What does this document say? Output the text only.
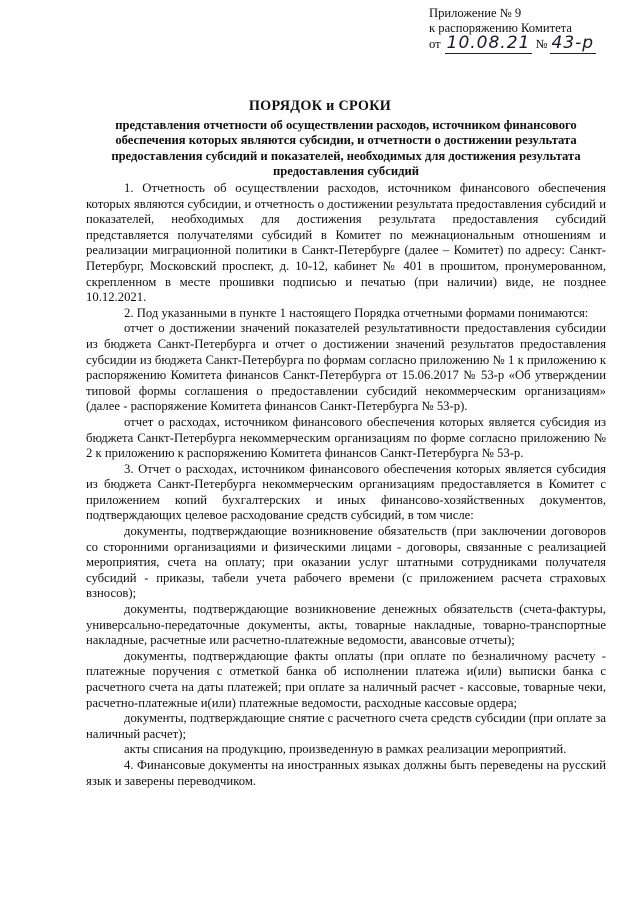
Приложение № 9
к распоряжению Комитета
от 10.08.21 № 43-р
ПОРЯДОК и СРОКИ
представления отчетности об осуществлении расходов, источником финансового обеспечения которых являются субсидии, и отчетности о достижении результата предоставления субсидий и показателей, необходимых для достижения результата предоставления субсидий

1. Отчетность об осуществлении расходов, источником финансового обеспечения которых являются субсидии, и отчетность о достижении результата предоставления субсидий и показателей, необходимых для достижения результата предоставления субсидий представляется получателями субсидий в Комитет по межнациональным отношениям и реализации миграционной политики в Санкт-Петербурге (далее – Комитет) по адресу: Санкт-Петербург, Московский проспект, д. 10-12, кабинет № 401 в прошитом, пронумерованном, скрепленном в месте прошивки подписью и печатью (при наличии) виде, не позднее 10.12.2021.

2. Под указанными в пункте 1 настоящего Порядка отчетными формами понимаются:

отчет о достижении значений показателей результативности предоставления субсидии из бюджета Санкт-Петербурга и отчет о достижении значений результатов предоставления субсидии из бюджета Санкт-Петербурга по формам согласно приложению № 1 к приложению к распоряжению Комитета финансов Санкт-Петербурга от 15.06.2017 № 53-р «Об утверждении типовой формы соглашения о предоставлении субсидий некоммерческим организациям» (далее - распоряжение Комитета финансов Санкт-Петербурга № 53-р).

отчет о расходах, источником финансового обеспечения которых является субсидия из бюджета Санкт-Петербурга некоммерческим организациям по форме согласно приложению № 2 к приложению к распоряжению Комитета финансов Санкт-Петербурга № 53-р.

3. Отчет о расходах, источником финансового обеспечения которых является субсидия из бюджета Санкт-Петербурга некоммерческим организациям предоставляется в Комитет с приложением копий бухгалтерских и иных финансово-хозяйственных документов, подтверждающих целевое расходование средств субсидий, в том числе:

документы, подтверждающие возникновение обязательств (при заключении договоров со сторонними организациями и физическими лицами - договоры, связанные с реализацией мероприятия, счета на оплату; при оказании услуг штатными сотрудниками получателя субсидий - приказы, табели учета рабочего времени (с приложением расчета страховых взносов);

документы, подтверждающие возникновение денежных обязательств (счета-фактуры, универсально-передаточные документы, акты, товарные накладные, товарно-транспортные накладные, расчетные или расчетно-платежные ведомости, авансовые отчеты);

документы, подтверждающие факты оплаты (при оплате по безналичному расчету - платежные поручения с отметкой банка об исполнении платежа и(или) выписки банка с расчетного счета на даты платежей; при оплате за наличный расчет - кассовые, товарные чеки, расчетно-платежные и(или) платежные ведомости, расходные кассовые ордера;

документы, подтверждающие снятие с расчетного счета средств субсидии (при оплате за наличный расчет);

акты списания на продукцию, произведенную в рамках реализации мероприятий.

4. Финансовые документы на иностранных языках должны быть переведены на русский язык и заверены переводчиком.
